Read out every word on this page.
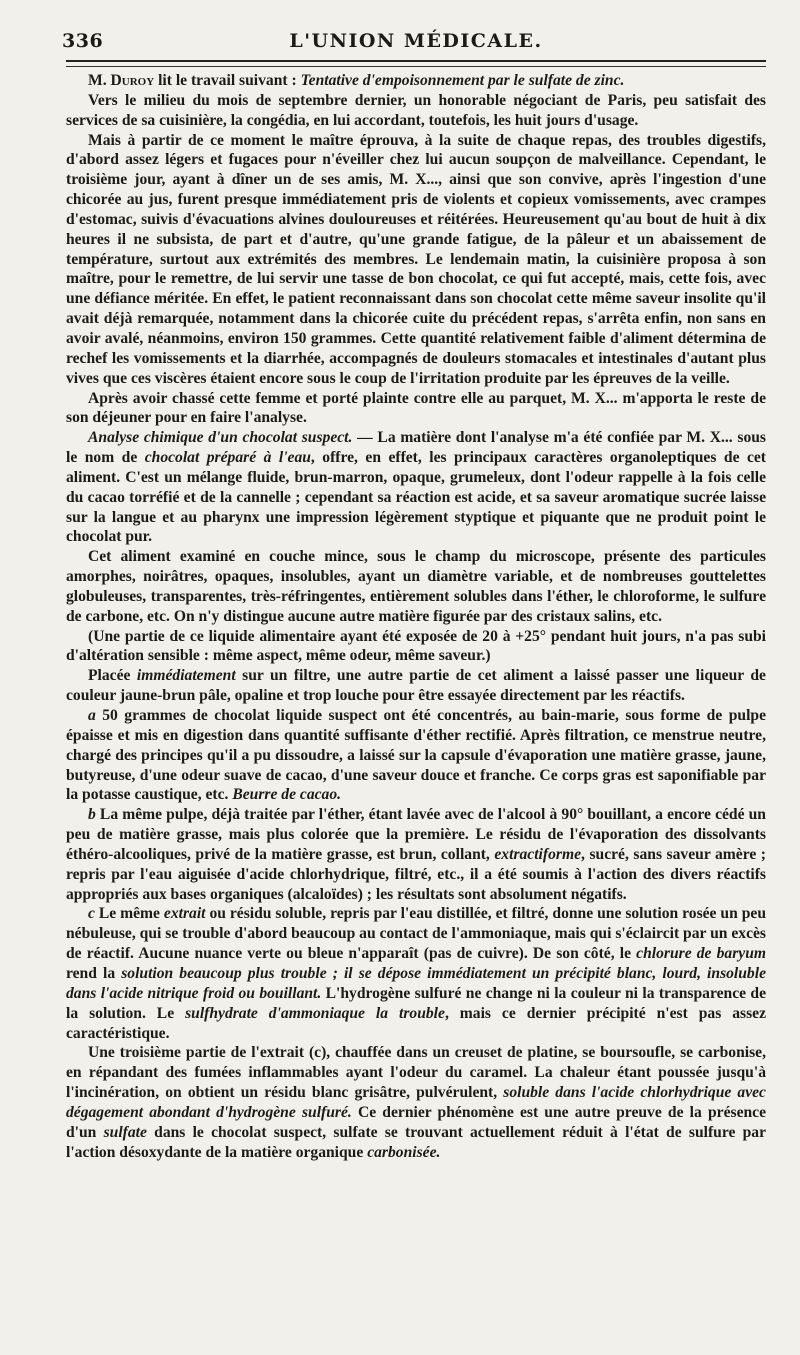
336	L'UNION MÉDICALE.

M. Duroy lit le travail suivant : Tentative d'empoisonnement par le sulfate de zinc.

Vers le milieu du mois de septembre dernier, un honorable négociant de Paris, peu satisfait des services de sa cuisinière, la congédia, en lui accordant, toutefois, les huit jours d'usage.

Mais à partir de ce moment le maître éprouva, à la suite de chaque repas, des troubles digestifs, d'abord assez légers et fugaces pour n'éveiller chez lui aucun soupçon de malveillance. Cependant, le troisième jour, ayant à dîner un de ses amis, M. X..., ainsi que son convive, après l'ingestion d'une chicorée au jus, furent presque immédiatement pris de violents et copieux vomissements, avec crampes d'estomac, suivis d'évacuations alvines douloureuses et réitérées. Heureusement qu'au bout de huit à dix heures il ne subsista, de part et d'autre, qu'une grande fatigue, de la pâleur et un abaissement de température, surtout aux extrémités des membres. Le lendemain matin, la cuisinière proposa à son maître, pour le remettre, de lui servir une tasse de bon chocolat, ce qui fut accepté, mais, cette fois, avec une défiance méritée. En effet, le patient reconnaissant dans son chocolat cette même saveur insolite qu'il avait déjà remarquée, notamment dans la chicorée cuite du précédent repas, s'arrêta enfin, non sans en avoir avalé, néanmoins, environ 150 grammes. Cette quantité relativement faible d'aliment détermina de rechef les vomissements et la diarrhée, accompagnés de douleurs stomacales et intestinales d'autant plus vives que ces viscères étaient encore sous le coup de l'irritation produite par les épreuves de la veille.

Après avoir chassé cette femme et porté plainte contre elle au parquet, M. X... m'apporta le reste de son déjeuner pour en faire l'analyse.

Analyse chimique d'un chocolat suspect. — La matière dont l'analyse m'a été confiée par M. X... sous le nom de chocolat préparé à l'eau, offre, en effet, les principaux caractères organoleptiques de cet aliment. C'est un mélange fluide, brun-marron, opaque, grumeleux, dont l'odeur rappelle à la fois celle du cacao torréfié et de la cannelle ; cependant sa réaction est acide, et sa saveur aromatique sucrée laisse sur la langue et au pharynx une impression légèrement styptique et piquante que ne produit point le chocolat pur.

Cet aliment examiné en couche mince, sous le champ du microscope, présente des particules amorphes, noirâtres, opaques, insolubles, ayant un diamètre variable, et de nombreuses gouttelettes globuleuses, transparentes, très-réfringentes, entièrement solubles dans l'éther, le chloroforme, le sulfure de carbone, etc. On n'y distingue aucune autre matière figurée par des cristaux salins, etc.

(Une partie de ce liquide alimentaire ayant été exposée de 20 à +25° pendant huit jours, n'a pas subi d'altération sensible : même aspect, même odeur, même saveur.)

Placée immédiatement sur un filtre, une autre partie de cet aliment a laissé passer une liqueur de couleur jaune-brun pâle, opaline et trop louche pour être essayée directement par les réactifs.

a 50 grammes de chocolat liquide suspect ont été concentrés, au bain-marie, sous forme de pulpe épaisse et mis en digestion dans quantité suffisante d'éther rectifié. Après filtration, ce menstrue neutre, chargé des principes qu'il a pu dissoudre, a laissé sur la capsule d'évaporation une matière grasse, jaune, butyreuse, d'une odeur suave de cacao, d'une saveur douce et franche. Ce corps gras est saponifiable par la potasse caustique, etc. Beurre de cacao.

b La même pulpe, déjà traitée par l'éther, étant lavée avec de l'alcool à 90° bouillant, a encore cédé un peu de matière grasse, mais plus colorée que la première. Le résidu de l'évaporation des dissolvants éthéro-alcooliques, privé de la matière grasse, est brun, collant, extractiforme, sucré, sans saveur amère ; repris par l'eau aiguisée d'acide chlorhydrique, filtré, etc., il a été soumis à l'action des divers réactifs appropriés aux bases organiques (alcaloïdes) ; les résultats sont absolument négatifs.

c Le même extrait ou résidu soluble, repris par l'eau distillée, et filtré, donne une solution rosée un peu nébuleuse, qui se trouble d'abord beaucoup au contact de l'ammoniaque, mais qui s'éclaircit par un excès de réactif. Aucune nuance verte ou bleue n'apparaît (pas de cuivre). De son côté, le chlorure de baryum rend la solution beaucoup plus trouble ; il se dépose immédiatement un précipité blanc, lourd, insoluble dans l'acide nitrique froid ou bouillant. L'hydrogène sulfuré ne change ni la couleur ni la transparence de la solution. Le sulfhydrate d'ammoniaque la trouble, mais ce dernier précipité n'est pas assez caractéristique.

Une troisième partie de l'extrait (c), chauffée dans un creuset de platine, se boursoufle, se carbonise, en répandant des fumées inflammables ayant l'odeur du caramel. La chaleur étant poussée jusqu'à l'incinération, on obtient un résidu blanc grisâtre, pulvérulent, soluble dans l'acide chlorhydrique avec dégagement abondant d'hydrogène sulfuré. Ce dernier phénomène est une autre preuve de la présence d'un sulfate dans le chocolat suspect, sulfate se trouvant actuellement réduit à l'état de sulfure par l'action désoxydante de la matière organique carbonisée.
